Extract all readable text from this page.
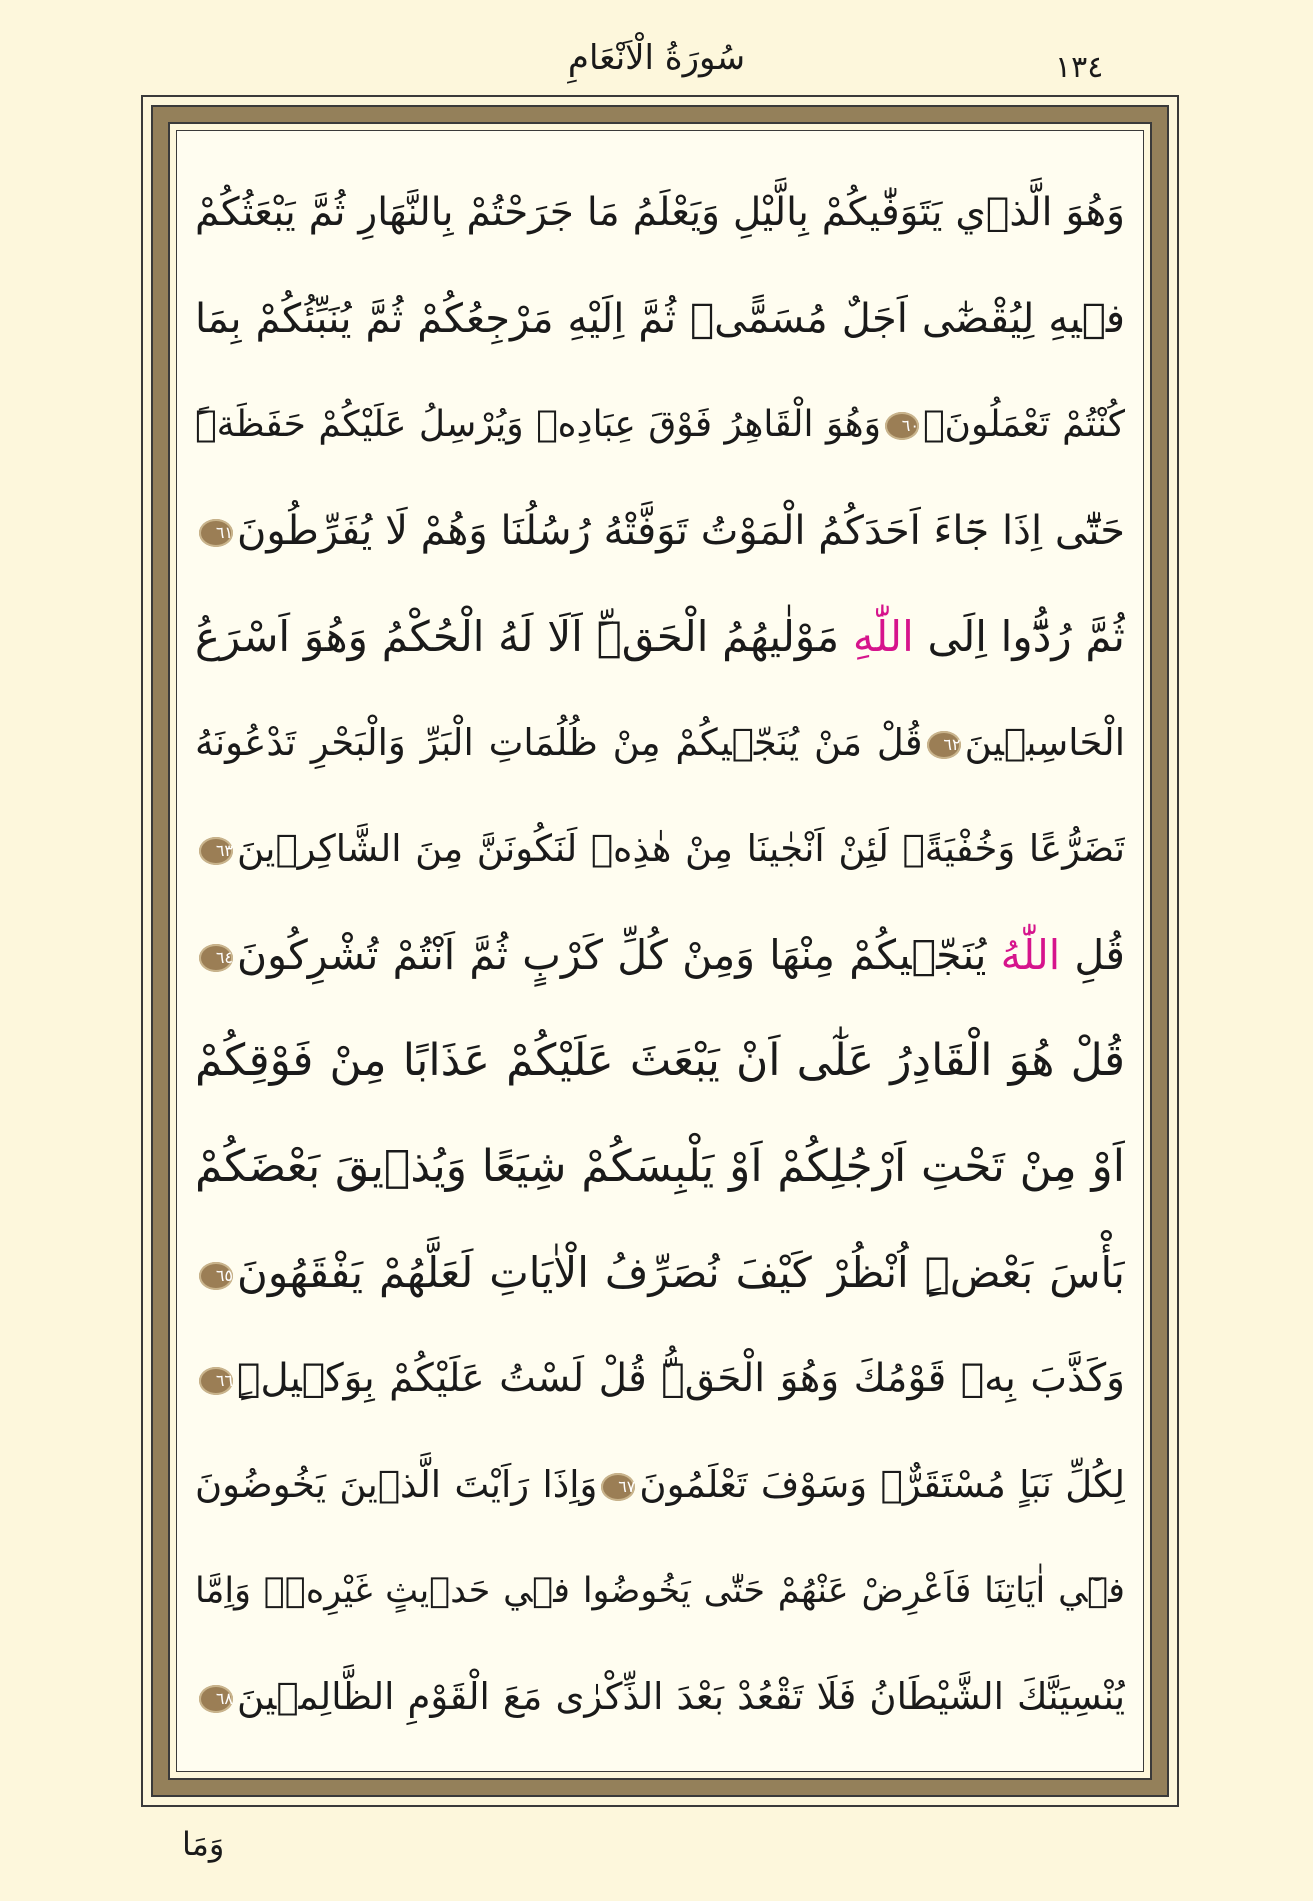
سُورَةُ الْاَنْعَامِ	١٣٤
وَهُوَ الَّذ۪ي يَتَوَفّٰيكُمْ بِالَّيْلِ وَيَعْلَمُ مَا جَرَحْتُمْ بِالنَّهَارِ ثُمَّ يَبْعَثُكُمْ
ف۪يهِ لِيُقْضٰٓى اَجَلٌ مُسَمًّىۚ ثُمَّ اِلَيْهِ مَرْجِعُكُمْ ثُمَّ يُنَبِّئُكُمْ بِمَا
كُنْتُمْ تَعْمَلُونَ۟٦٠وَهُوَ الْقَاهِرُ فَوْقَ عِبَادِه۪ وَيُرْسِلُ عَلَيْكُمْ حَفَظَةًۜ
حَتّٰٓى اِذَا جَٓاءَ اَحَدَكُمُ الْمَوْتُ تَوَفَّتْهُ رُسُلُنَا وَهُمْ لَا يُفَرِّطُونَ٦١
ثُمَّ رُدُّٓوا اِلَى اللّٰهِ مَوْلٰيهُمُ الْحَقِّۜ اَلَا لَهُ الْحُكْمُ وَهُوَ اَسْرَعُ
الْحَاسِب۪ينَ٦٢قُلْ مَنْ يُنَجّ۪يكُمْ مِنْ ظُلُمَاتِ الْبَرِّ وَالْبَحْرِ تَدْعُونَهُ
تَضَرُّعًا وَخُفْيَةًۚ لَئِنْ اَنْجٰينَا مِنْ هٰذِه۪ لَنَكُونَنَّ مِنَ الشَّاكِر۪ينَ٦٣
قُلِ اللّٰهُ يُنَجّ۪يكُمْ مِنْهَا وَمِنْ كُلِّ كَرْبٍ ثُمَّ اَنْتُمْ تُشْرِكُونَ٦٤
قُلْ هُوَ الْقَادِرُ عَلٰٓى اَنْ يَبْعَثَ عَلَيْكُمْ عَذَابًا مِنْ فَوْقِكُمْ
اَوْ مِنْ تَحْتِ اَرْجُلِكُمْ اَوْ يَلْبِسَكُمْ شِيَعًا وَيُذ۪يقَ بَعْضَكُمْ
بَأْسَ بَعْضٍۜ اُنْظُرْ كَيْفَ نُصَرِّفُ الْاٰيَاتِ لَعَلَّهُمْ يَفْقَهُونَ٦٥
وَكَذَّبَ بِه۪ قَوْمُكَ وَهُوَ الْحَقُّۜ قُلْ لَسْتُ عَلَيْكُمْ بِوَك۪يلٍۜ٦٦
لِكُلِّ نَبَاٍ مُسْتَقَرٌّۘ وَسَوْفَ تَعْلَمُونَ٦٧وَاِذَا رَاَيْتَ الَّذ۪ينَ يَخُوضُونَ
ف۪ٓي اٰيَاتِنَا فَاَعْرِضْ عَنْهُمْ حَتّٰى يَخُوضُوا ف۪ي حَد۪يثٍ غَيْرِه۪ۜ وَاِمَّا
يُنْسِيَنَّكَ الشَّيْطَانُ فَلَا تَقْعُدْ بَعْدَ الذِّكْرٰى مَعَ الْقَوْمِ الظَّالِم۪ينَ٦٨
وَمَا
